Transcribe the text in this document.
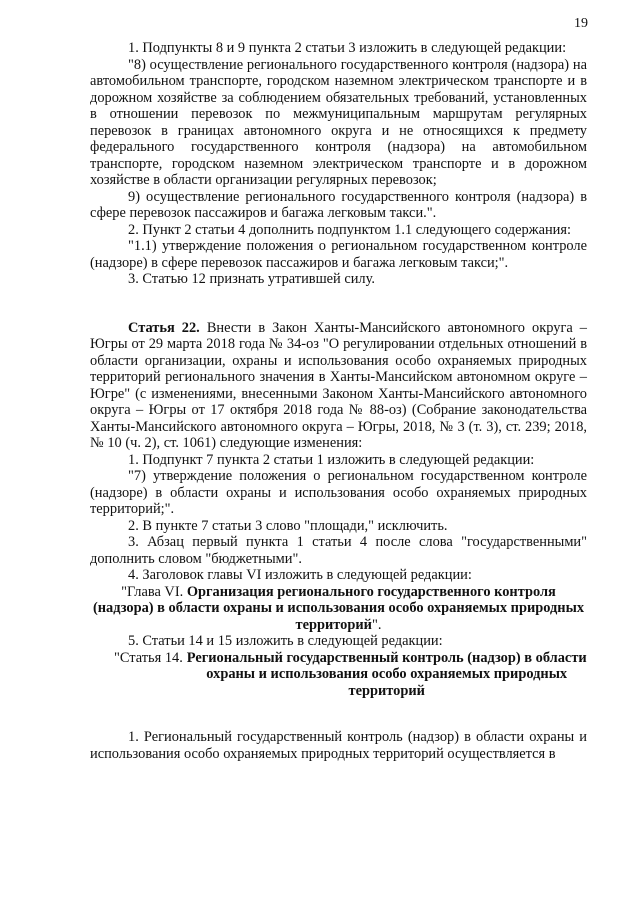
19

1. Подпункты 8 и 9 пункта 2 статьи 3 изложить в следующей редакции:

"8) осуществление регионального государственного контроля (надзора) на автомобильном транспорте, городском наземном электрическом транспорте и в дорожном хозяйстве за соблюдением обязательных требований, установленных в отношении перевозок по межмуниципальным маршрутам регулярных перевозок в границах автономного округа и не относящихся к предмету федерального государственного контроля (надзора) на автомобильном транспорте, городском наземном электрическом транспорте и в дорожном хозяйстве в области организации регулярных перевозок;

9) осуществление регионального государственного контроля (надзора) в сфере перевозок пассажиров и багажа легковым такси.".

2. Пункт 2 статьи 4 дополнить подпунктом 1.1 следующего содержания:

"1.1) утверждение положения о региональном государственном контроле (надзоре) в сфере перевозок пассажиров и багажа легковым такси;".

3. Статью 12 признать утратившей силу.

Статья 22. Внести в Закон Ханты-Мансийского автономного округа – Югры от 29 марта 2018 года № 34-оз "О регулировании отдельных отношений в области организации, охраны и использования особо охраняемых природных территорий регионального значения в Ханты-Мансийском автономном округе – Югре" (с изменениями, внесенными Законом Ханты-Мансийского автономного округа – Югры от 17 октября 2018 года № 88-оз) (Собрание законодательства Ханты-Мансийского автономного округа – Югры, 2018, № 3 (т. 3), ст. 239; 2018, № 10 (ч. 2), ст. 1061) следующие изменения:

1. Подпункт 7 пункта 2 статьи 1 изложить в следующей редакции:

"7) утверждение положения о региональном государственном контроле (надзоре) в области охраны и использования особо охраняемых природных территорий;".

2. В пункте 7 статьи 3 слово "площади," исключить.

3. Абзац первый пункта 1 статьи 4 после слова "государственными" дополнить словом "бюджетными".

4. Заголовок главы VI изложить в следующей редакции:

"Глава VI. Организация регионального государственного контроля (надзора) в области охраны и использования особо охраняемых природных территорий".

5. Статьи 14 и 15 изложить в следующей редакции:

"Статья 14. Региональный государственный контроль (надзор) в области охраны и использования особо охраняемых природных территорий

1. Региональный государственный контроль (надзор) в области охраны и использования особо охраняемых природных территорий осуществляется в
